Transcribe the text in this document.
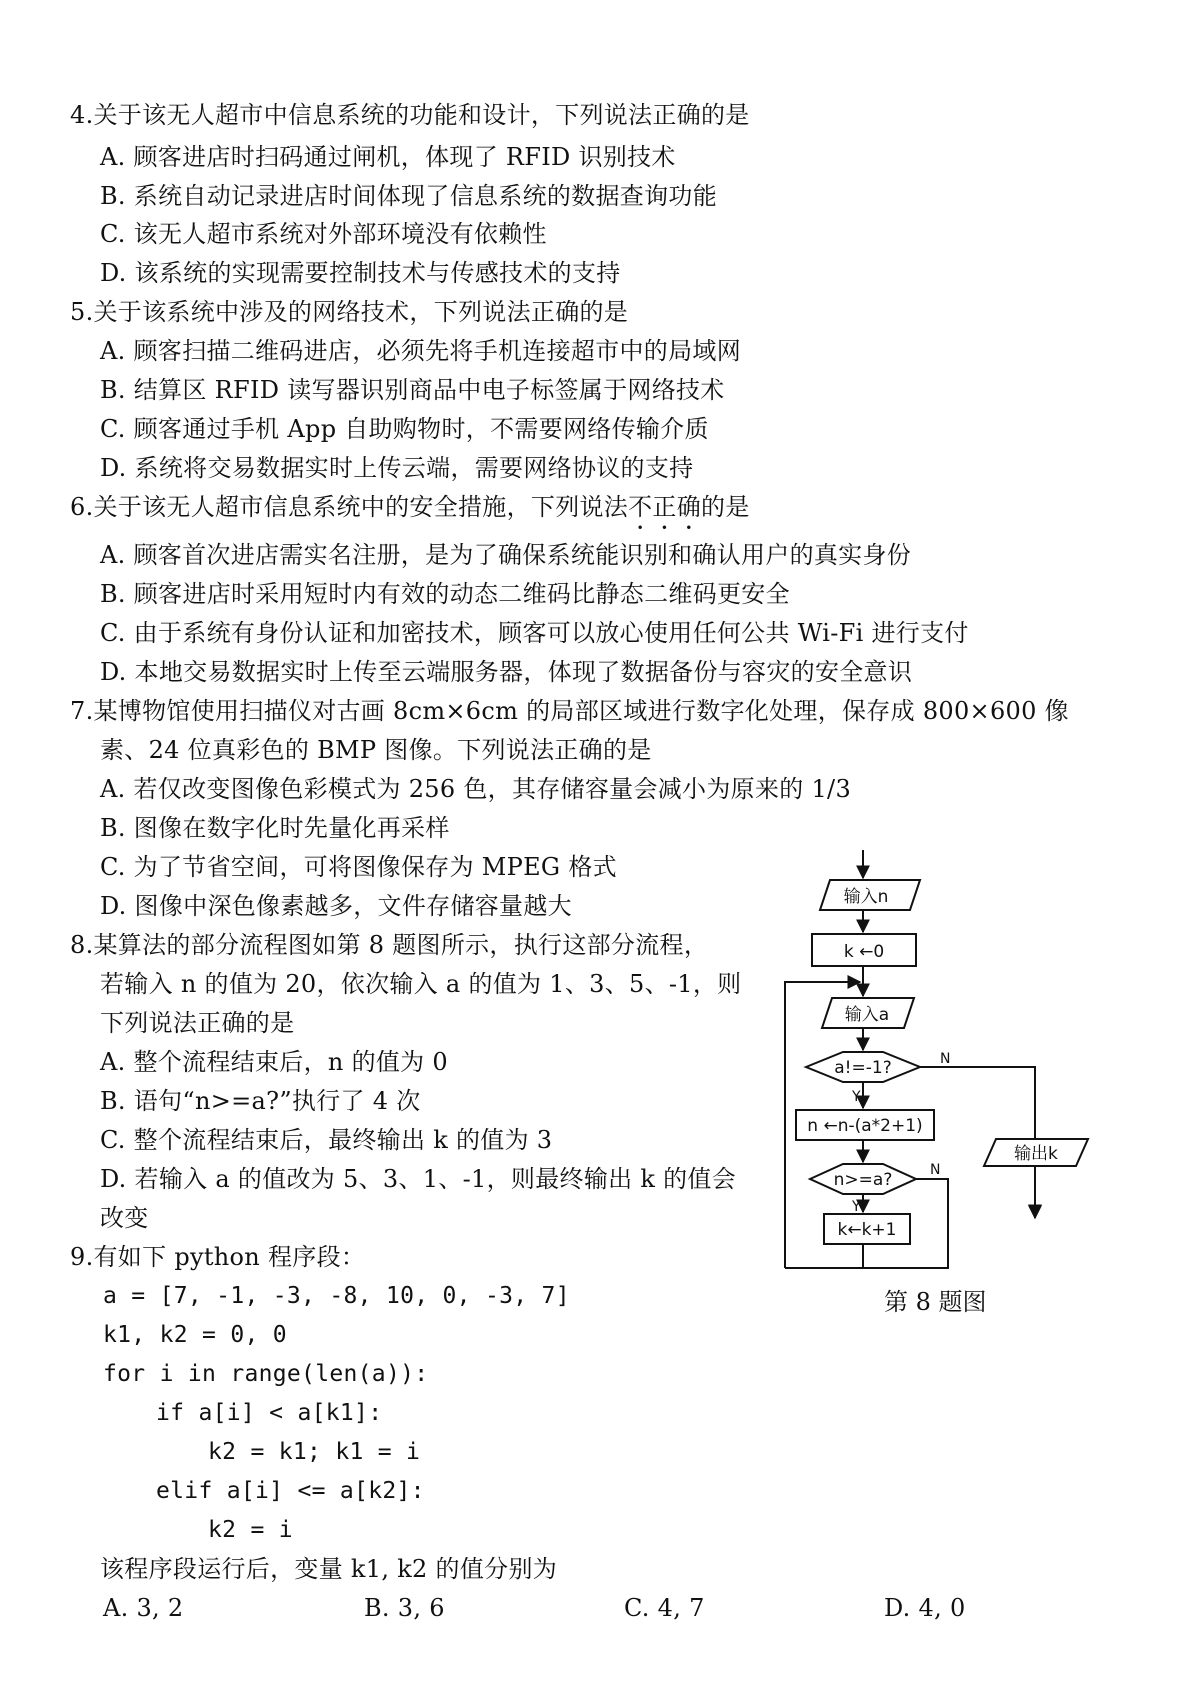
4.关于该无人超市中信息系统的功能和设计，下列说法正确的是
A. 顾客进店时扫码通过闸机，体现了 RFID 识别技术
B. 系统自动记录进店时间体现了信息系统的数据查询功能
C. 该无人超市系统对外部环境没有依赖性
D. 该系统的实现需要控制技术与传感技术的支持
5.关于该系统中涉及的网络技术，下列说法正确的是
A. 顾客扫描二维码进店，必须先将手机连接超市中的局域网
B. 结算区 RFID 读写器识别商品中电子标签属于网络技术
C. 顾客通过手机 App 自助购物时，不需要网络传输介质
D. 系统将交易数据实时上传云端，需要网络协议的支持
6.关于该无人超市信息系统中的安全措施，下列说法不正确的是
A. 顾客首次进店需实名注册，是为了确保系统能识别和确认用户的真实身份
B. 顾客进店时采用短时内有效的动态二维码比静态二维码更安全
C. 由于系统有身份认证和加密技术，顾客可以放心使用任何公共 Wi-Fi 进行支付
D. 本地交易数据实时上传至云端服务器，体现了数据备份与容灾的安全意识
7.某博物馆使用扫描仪对古画 8cm×6cm 的局部区域进行数字化处理，保存成 800×600 像
素、24 位真彩色的 BMP 图像。下列说法正确的是
A. 若仅改变图像色彩模式为 256 色，其存储容量会减小为原来的 1/3
B. 图像在数字化时先量化再采样
C. 为了节省空间，可将图像保存为 MPEG 格式
D. 图像中深色像素越多，文件存储容量越大
8.某算法的部分流程图如第 8 题图所示，执行这部分流程，
若输入 n 的值为 20，依次输入 a 的值为 1、3、5、-1，则
下列说法正确的是
A. 整个流程结束后，n 的值为 0
B. 语句“n>=a?”执行了 4 次
C. 整个流程结束后，最终输出 k 的值为 3
D. 若输入 a 的值改为 5、3、1、-1，则最终输出 k 的值会
改变
9.有如下 python 程序段：
a = [7, -1, -3, -8, 10, 0, -3, 7]
k1, k2 = 0, 0
for i in range(len(a)):
if a[i] < a[k1]:
k2 = k1; k1 = i
elif a[i] <= a[k2]:
k2 = i
该程序段运行后，变量 k1, k2 的值分别为
A. 3, 2	B. 3, 6	C. 4, 7	D. 4, 0
输入n
k ←0
输入a
a!=-1?	N
Y
n ←n-(a*2+1)
n>=a?	N
Y
k←k+1
输出k
第 8 题图
